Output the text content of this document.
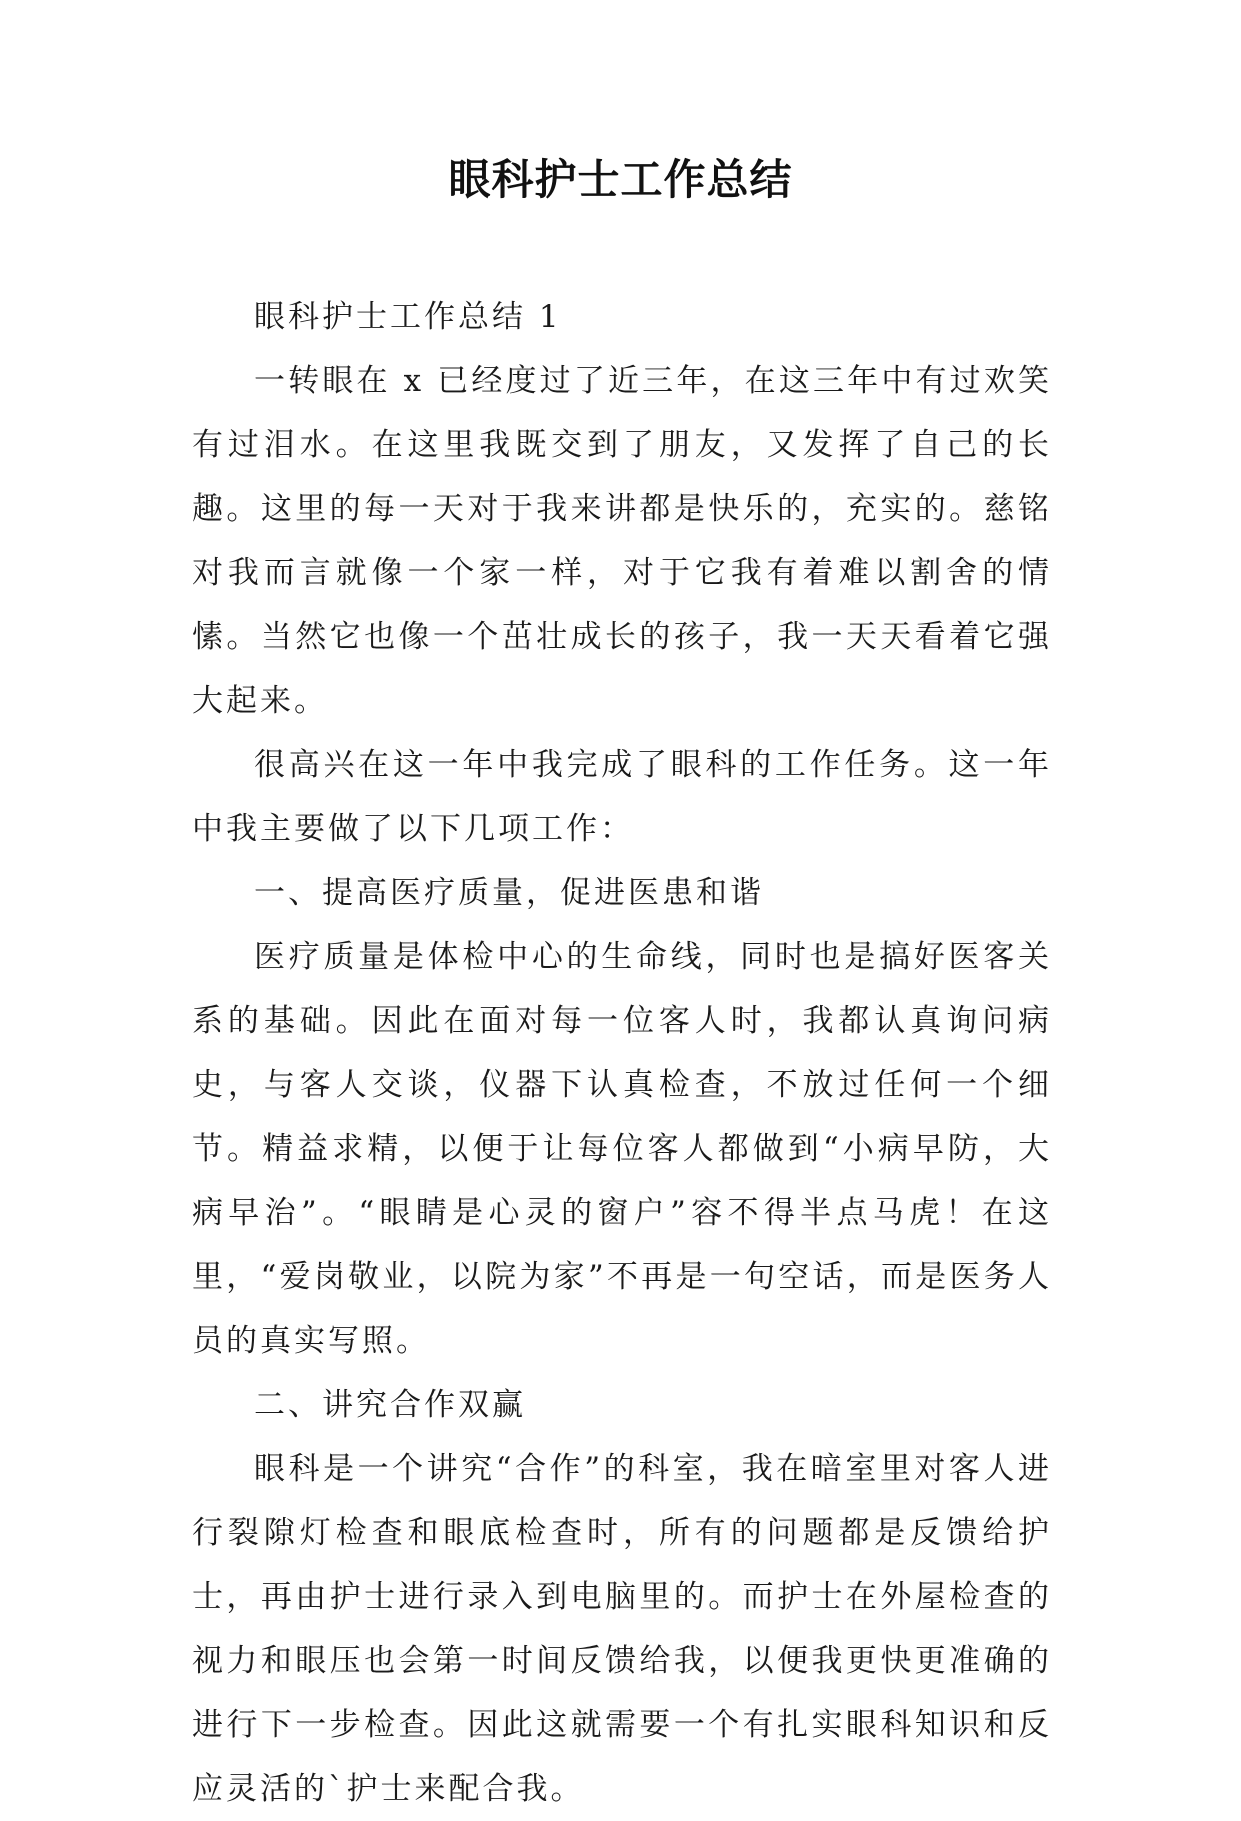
眼科护士工作总结

眼科护士工作总结 1

一转眼在 x 已经度过了近三年，在这三年中有过欢笑有过泪水。在这里我既交到了朋友，又发挥了自己的长趣。这里的每一天对于我来讲都是快乐的，充实的。慈铭对我而言就像一个家一样，对于它我有着难以割舍的情愫。当然它也像一个茁壮成长的孩子，我一天天看着它强大起来。

很高兴在这一年中我完成了眼科的工作任务。这一年中我主要做了以下几项工作：

一、提高医疗质量，促进医患和谐

医疗质量是体检中心的生命线，同时也是搞好医客关系的基础。因此在面对每一位客人时，我都认真询问病史，与客人交谈，仪器下认真检查，不放过任何一个细节。精益求精，以便于让每位客人都做到“小病早防，大病早治”。“眼睛是心灵的窗户”容不得半点马虎！在这里，“爱岗敬业，以院为家”不再是一句空话，而是医务人员的真实写照。

二、讲究合作双赢

眼科是一个讲究“合作”的科室，我在暗室里对客人进行裂隙灯检查和眼底检查时，所有的问题都是反馈给护士，再由护士进行录入到电脑里的。而护士在外屋检查的视力和眼压也会第一时间反馈给我，以便我更快更准确的进行下一步检查。因此这就需要一个有扎实眼科知识和反应灵活的`护士来配合我。
